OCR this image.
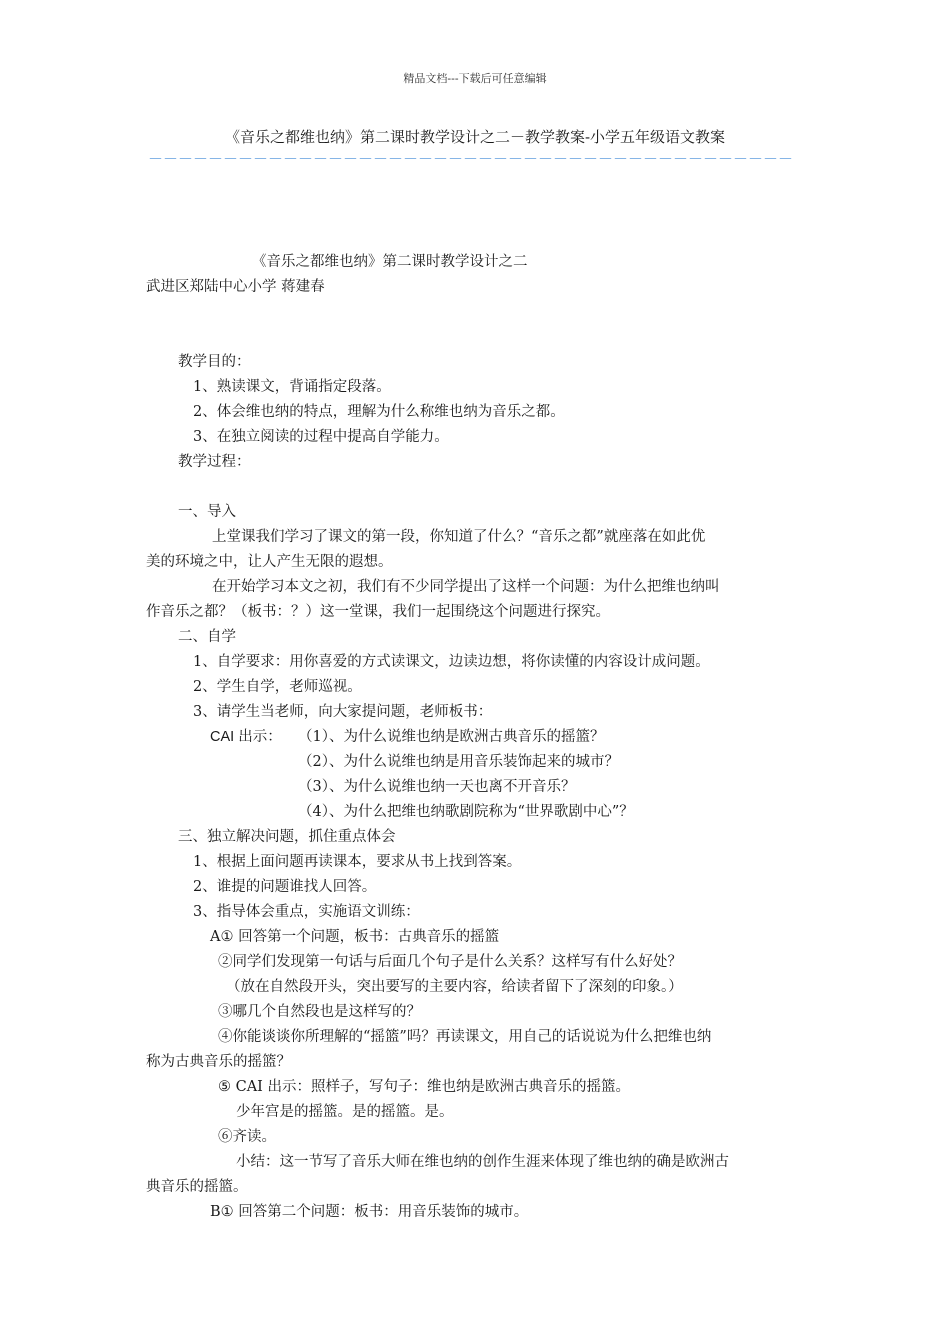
精品文档---下载后可任意编辑
《音乐之都维也纳》第二课时教学设计之二－教学教案-小学五年级语文教案
－－－－－－－－－－－－－－－－－－－－－－－－－－－－－－－－－－－－－－－－－－－
《音乐之都维也纳》第二课时教学设计之二
武进区郑陆中心小学 蒋建春
教学目的：
1、熟读课文，背诵指定段落。
2、体会维也纳的特点，理解为什么称维也纳为音乐之都。
3、在独立阅读的过程中提高自学能力。
教学过程：
一、导入
上堂课我们学习了课文的第一段，你知道了什么？“音乐之都”就座落在如此优
美的环境之中，让人产生无限的遐想。
在开始学习本文之初，我们有不少同学提出了这样一个问题：为什么把维也纳叫
作音乐之都？（板书：？）这一堂课，我们一起围绕这个问题进行探究。
二、自学
1、自学要求：用你喜爱的方式读课文，边读边想，将你读懂的内容设计成问题。
2、学生自学，老师巡视。
3、请学生当老师，向大家提问题，老师板书：
CAI 出示： （1）、为什么说维也纳是欧洲古典音乐的摇篮？
（2）、为什么说维也纳是用音乐装饰起来的城市？
（3）、为什么说维也纳一天也离不开音乐？
（4）、为什么把维也纳歌剧院称为“世界歌剧中心”？
三、独立解决问题，抓住重点体会
1、根据上面问题再读课本，要求从书上找到答案。
2、谁提的问题谁找人回答。
3、指导体会重点，实施语文训练：
A① 回答第一个问题，板书：古典音乐的摇篮
②同学们发现第一句话与后面几个句子是什么关系？这样写有什么好处？
（放在自然段开头，突出要写的主要内容，给读者留下了深刻的印象。）
③哪几个自然段也是这样写的？
④你能谈谈你所理解的“摇篮”吗？再读课文，用自己的话说说为什么把维也纳
称为古典音乐的摇篮？
⑤ CAI 出示：照样子，写句子：维也纳是欧洲古典音乐的摇篮。
少年宫是的摇篮。是的摇篮。是。
⑥齐读。
小结：这一节写了音乐大师在维也纳的创作生涯来体现了维也纳的确是欧洲古
典音乐的摇篮。
B① 回答第二个问题：板书：用音乐装饰的城市。
